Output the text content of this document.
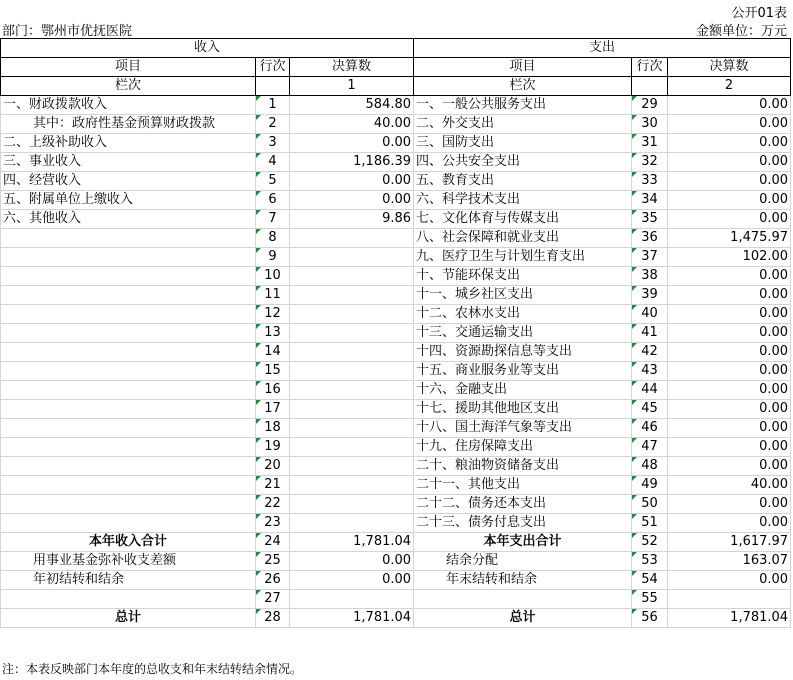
公开01表
部门：鄂州市优抚医院	金额单位：万元
收入			支出		
项目	行次	决算数	项目	行次	决算数
栏次		1	栏次		2
一、财政拨款收入	1	584.80	一、一般公共服务支出	29	0.00
其中：政府性基金预算财政拨款	2	40.00	二、外交支出	30	0.00
二、上级补助收入	3	0.00	三、国防支出	31	0.00
三、事业收入	4	1,186.39	四、公共安全支出	32	0.00
四、经营收入	5	0.00	五、教育支出	33	0.00
五、附属单位上缴收入	6	0.00	六、科学技术支出	34	0.00
六、其他收入	7	9.86	七、文化体育与传媒支出	35	0.00
	8		八、社会保障和就业支出	36	1,475.97
	9		九、医疗卫生与计划生育支出	37	102.00
	10		十、节能环保支出	38	0.00
	11		十一、城乡社区支出	39	0.00
	12		十二、农林水支出	40	0.00
	13		十三、交通运输支出	41	0.00
	14		十四、资源勘探信息等支出	42	0.00
	15		十五、商业服务业等支出	43	0.00
	16		十六、金融支出	44	0.00
	17		十七、援助其他地区支出	45	0.00
	18		十八、国土海洋气象等支出	46	0.00
	19		十九、住房保障支出	47	0.00
	20		二十、粮油物资储备支出	48	0.00
	21		二十一、其他支出	49	40.00
	22		二十二、债务还本支出	50	0.00
	23		二十三、债务付息支出	51	0.00
本年收入合计	24	1,781.04	本年支出合计	52	1,617.97
用事业基金弥补收支差额	25	0.00	结余分配	53	163.07
年初结转和结余	26	0.00	年末结转和结余	54	0.00
	27			55	
总计	28	1,781.04	总计	56	1,781.04
注：本表反映部门本年度的总收支和年末结转结余情况。
